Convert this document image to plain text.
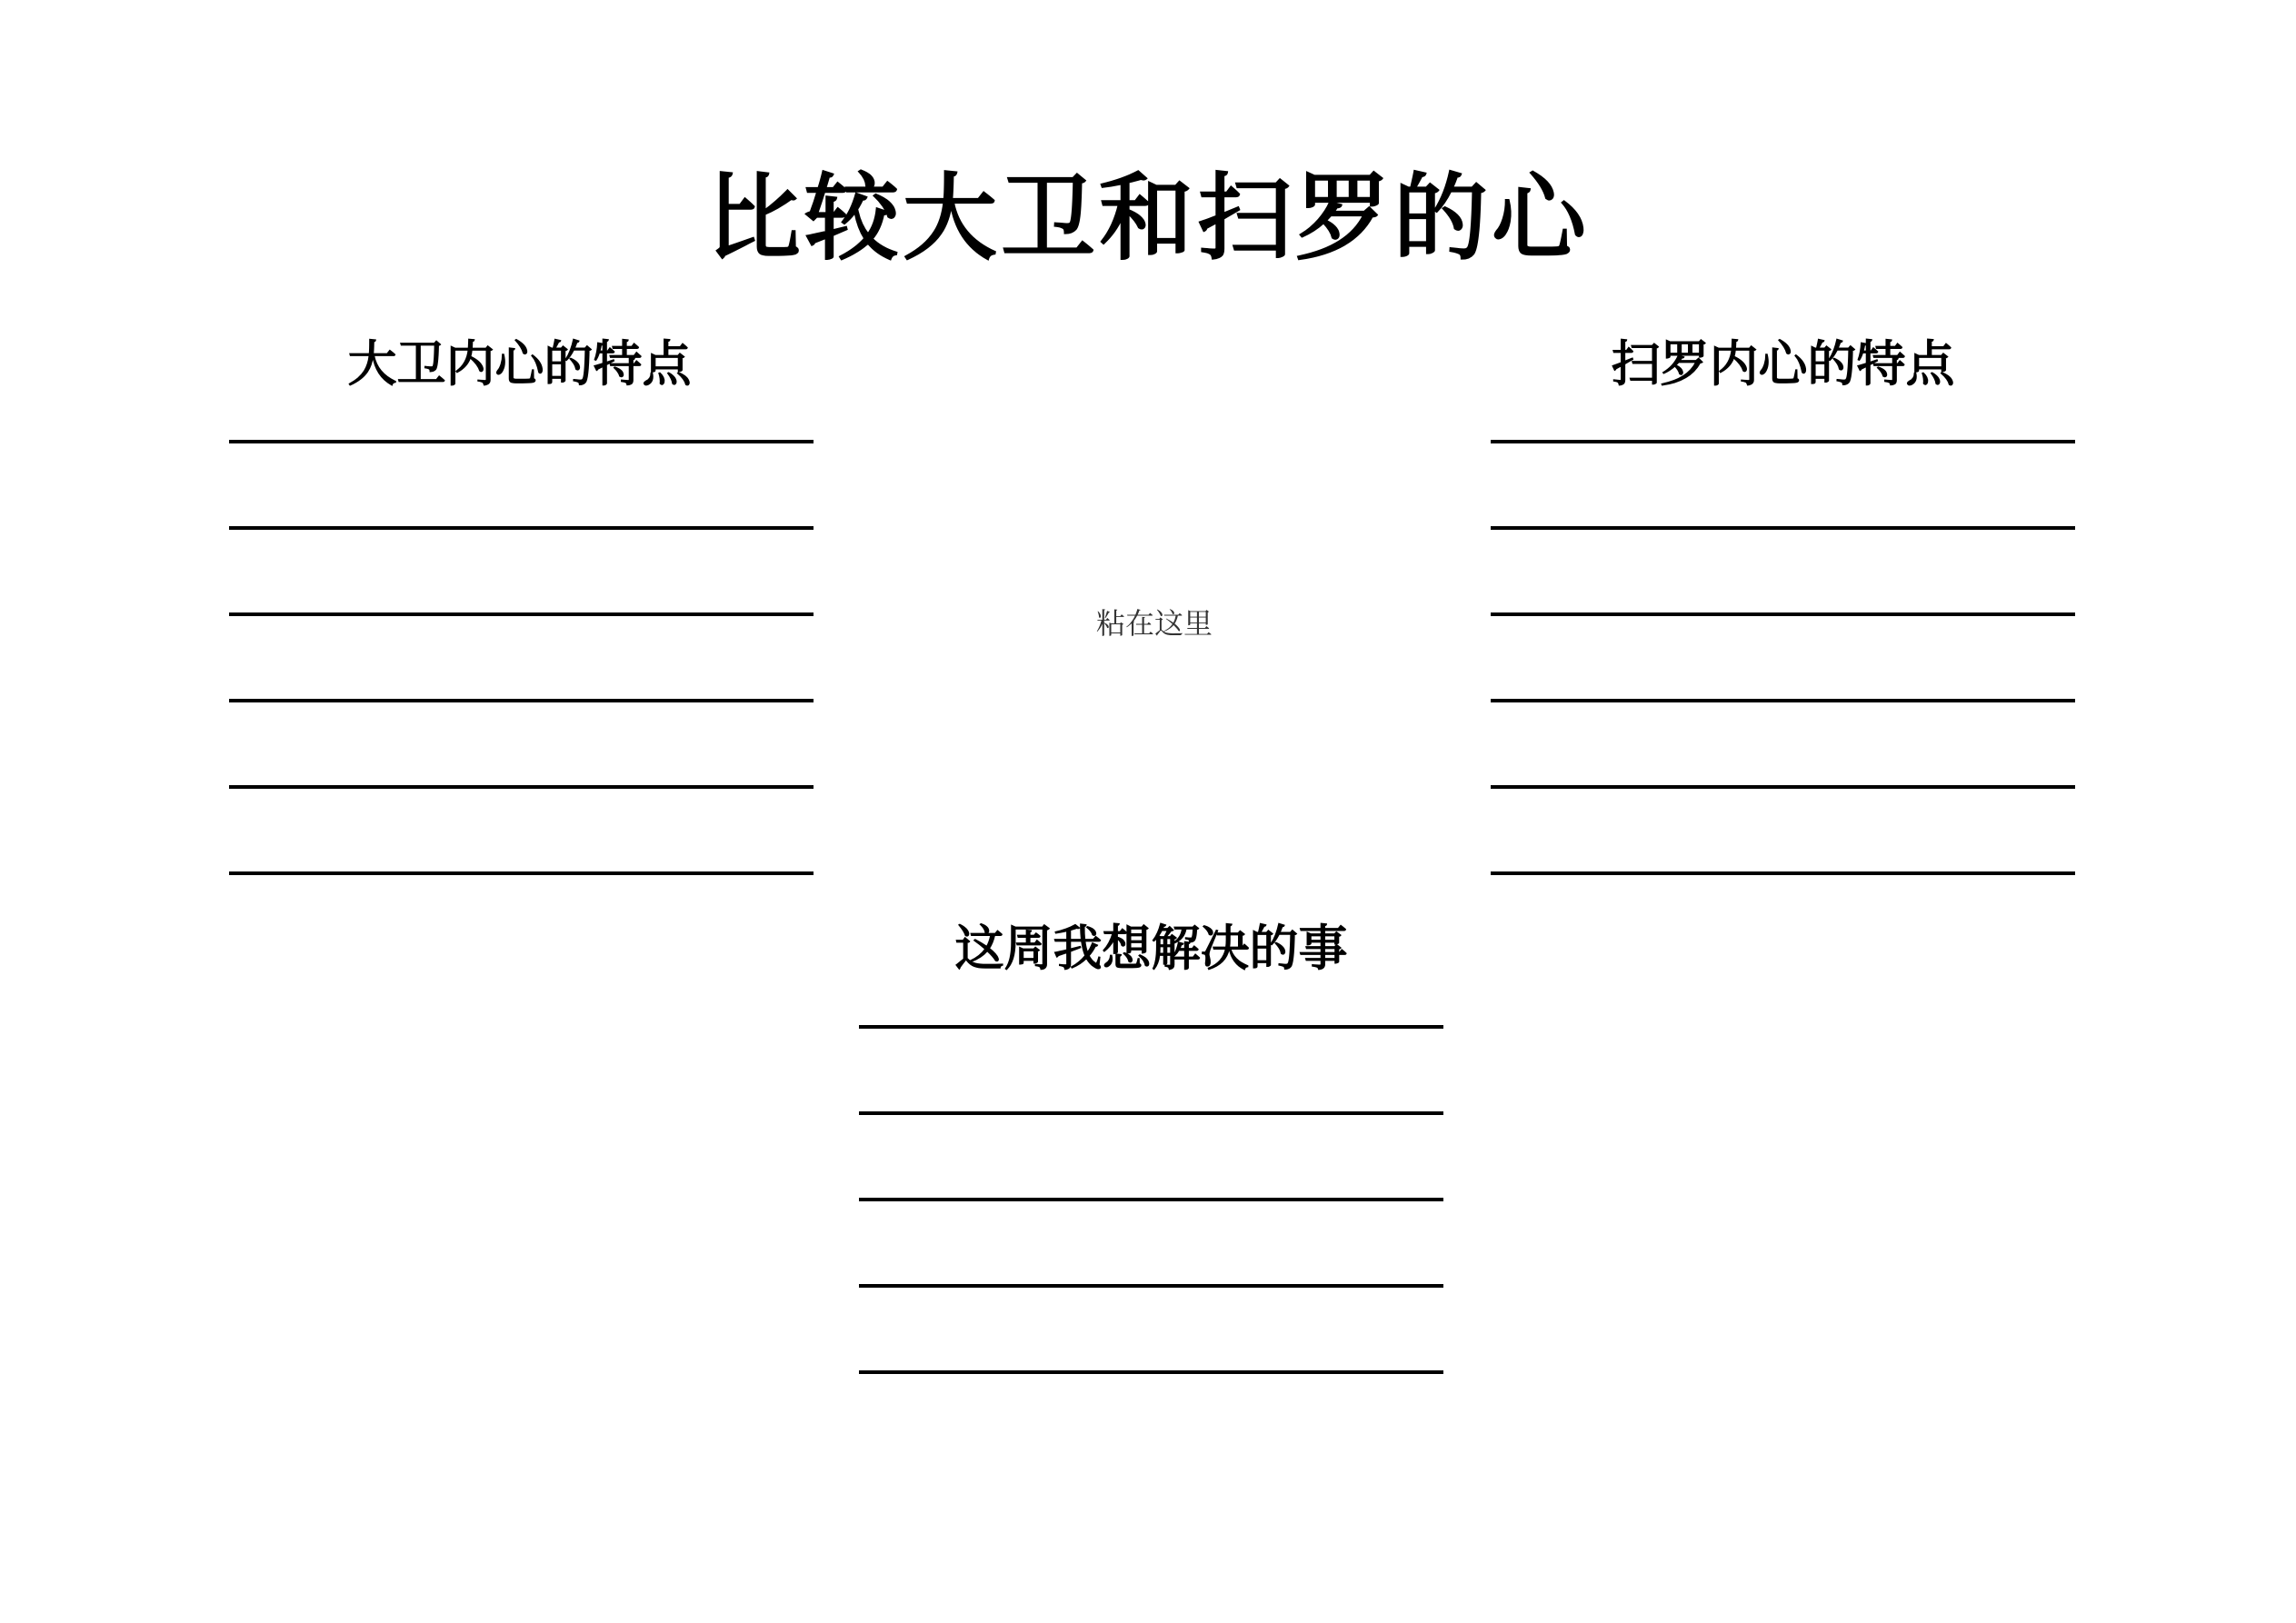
比较大卫和扫罗的心
大卫内心的特点	扫罗内心的特点
粘在这里
这周我想解决的事
